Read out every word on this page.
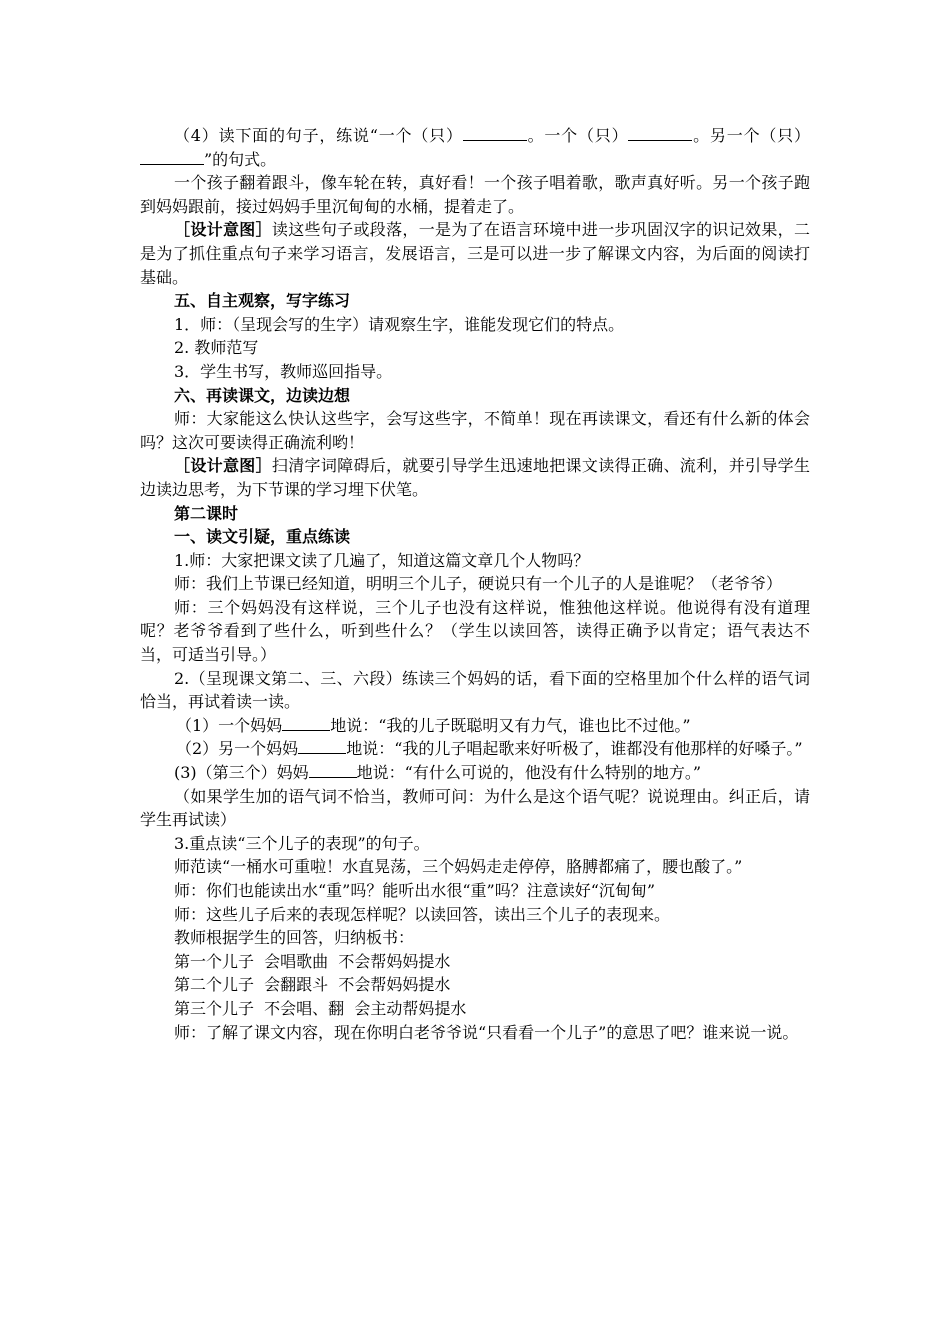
（4）读下面的句子，练说“一个（只）	。一个（只）	。另一个（只）”的句式。

一个孩子翻着跟斗，像车轮在转，真好看！一个孩子唱着歌，歌声真好听。另一个孩子跑到妈妈跟前，接过妈妈手里沉甸甸的水桶，提着走了。

［设计意图］读这些句子或段落，一是为了在语言环境中进一步巩固汉字的识记效果，二是为了抓住重点句子来学习语言，发展语言，三是可以进一步了解课文内容，为后面的阅读打基础。

五、自主观察，写字练习

1．师：（呈现会写的生字）请观察生字，谁能发现它们的特点。

2. 教师范写

3．学生书写，教师巡回指导。

六、再读课文，边读边想

师：大家能这么快认这些字，会写这些字，不简单！现在再读课文，看还有什么新的体会吗？这次可要读得正确流利哟！

［设计意图］扫清字词障碍后，就要引导学生迅速地把课文读得正确、流利，并引导学生边读边思考，为下节课的学习埋下伏笔。

第二课时

一、读文引疑，重点练读

1.师：大家把课文读了几遍了，知道这篇文章几个人物吗？

师：我们上节课已经知道，明明三个儿子，硬说只有一个儿子的人是谁呢？（老爷爷）

师：三个妈妈没有这样说，三个儿子也没有这样说，惟独他这样说。他说得有没有道理呢？老爷爷看到了些什么，听到些什么？（学生以读回答，读得正确予以肯定；语气表达不当，可适当引导。）

2.（呈现课文第二、三、六段）练读三个妈妈的话，看下面的空格里加个什么样的语气词恰当，再试着读一读。

（1）一个妈妈	地说：“我的儿子既聪明又有力气，谁也比不过他。”

（2）另一个妈妈	地说：“我的儿子唱起歌来好听极了，谁都没有他那样的好嗓子。”

(3)（第三个）妈妈	地说：“有什么可说的，他没有什么特别的地方。”

（如果学生加的语气词不恰当，教师可问：为什么是这个语气呢？说说理由。纠正后，请学生再试读）

3.重点读“三个儿子的表现”的句子。

师范读“一桶水可重啦！水直晃荡，三个妈妈走走停停，胳膊都痛了，腰也酸了。”

师：你们也能读出水“重”吗？能听出水很“重”吗？注意读好“沉甸甸”

师：这些儿子后来的表现怎样呢？以读回答，读出三个儿子的表现来。

教师根据学生的回答，归纳板书：

第一个儿子  会唱歌曲  不会帮妈妈提水

第二个儿子  会翻跟斗  不会帮妈妈提水

第三个儿子  不会唱、翻  会主动帮妈提水

师：了解了课文内容，现在你明白老爷爷说“只看看一个儿子”的意思了吧？谁来说一说。
